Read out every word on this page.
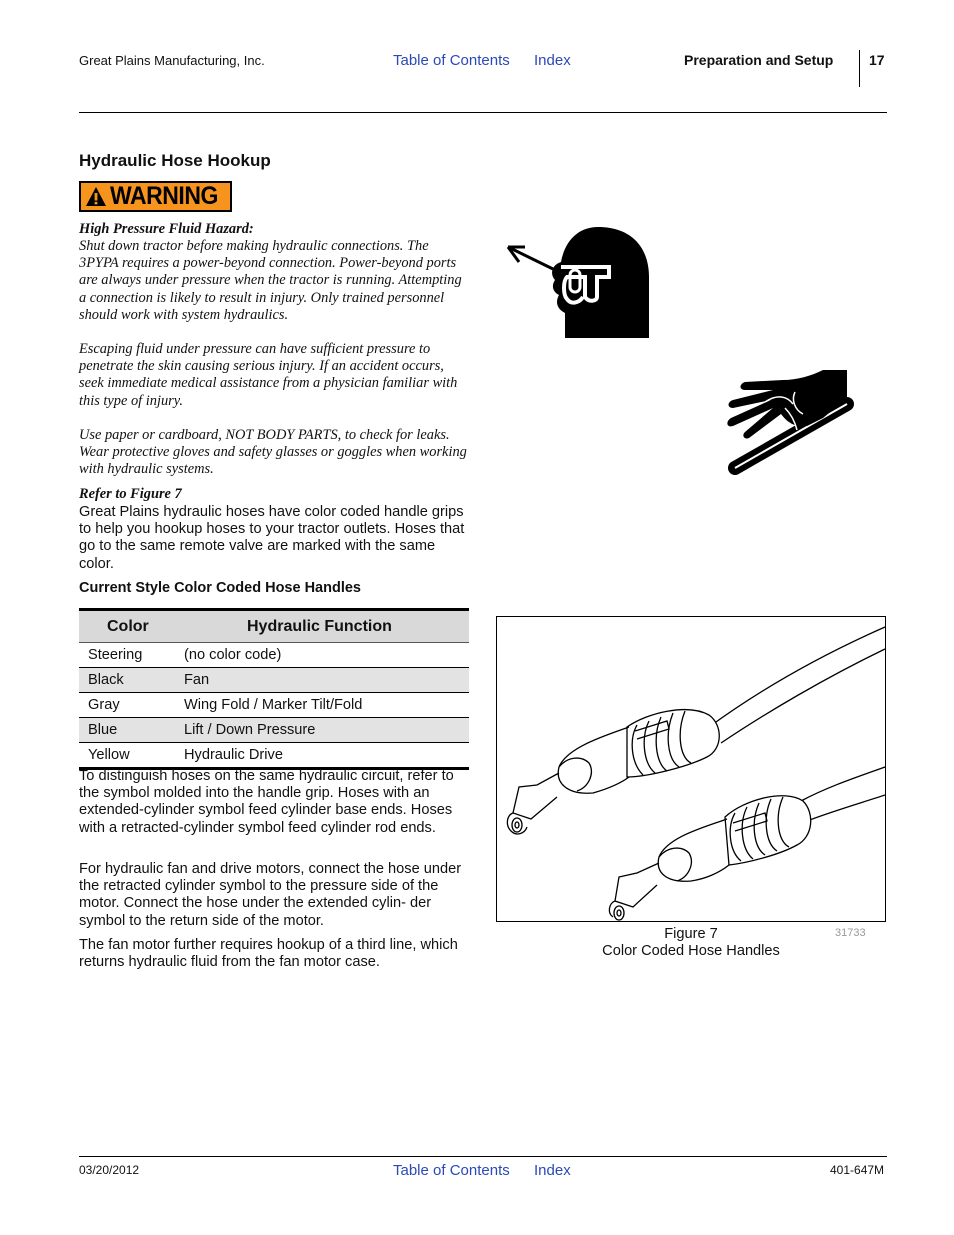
Great Plains Manufacturing, Inc.	Table of Contents Index	Preparation and Setup	17
Hydraulic Hose Hookup
WARNING
High Pressure Fluid Hazard:
Shut down tractor before making hydraulic connections. The 3PYPA requires a power-beyond connection. Power-beyond ports are always under pressure when the tractor is running. Attempting a connection is likely to result in injury. Only trained personnel should work with system hydraulics.
Escaping fluid under pressure can have sufficient pressure to penetrate the skin causing serious injury. If an accident occurs, seek immediate medical assistance from a physician familiar with this type of injury.
Use paper or cardboard, NOT BODY PARTS, to check for leaks. Wear protective gloves and safety glasses or goggles when working with hydraulic systems.
Refer to Figure 7
Great Plains hydraulic hoses have color coded handle grips to help you hookup hoses to your tractor outlets. Hoses that go to the same remote valve are marked with the same color.
Current Style Color Coded Hose Handles
Color	Hydraulic Function
Steering	(no color code)
Black	Fan
Gray	Wing Fold / Marker Tilt/Fold
Blue	Lift / Down Pressure
Yellow	Hydraulic Drive
To distinguish hoses on the same hydraulic circuit, refer to the symbol molded into the handle grip. Hoses with an extended-cylinder symbol feed cylinder base ends. Hoses with a retracted-cylinder symbol feed cylinder rod ends.
For hydraulic fan and drive motors, connect the hose under the retracted cylinder symbol to the pressure side of the motor. Connect the hose under the extended cylin- der symbol to the return side of the motor.
The fan motor further requires hookup of a third line, which returns hydraulic fluid from the fan motor case.
Figure 7
Color Coded Hose Handles
31733
03/20/2012	Table of Contents Index	401-647M
